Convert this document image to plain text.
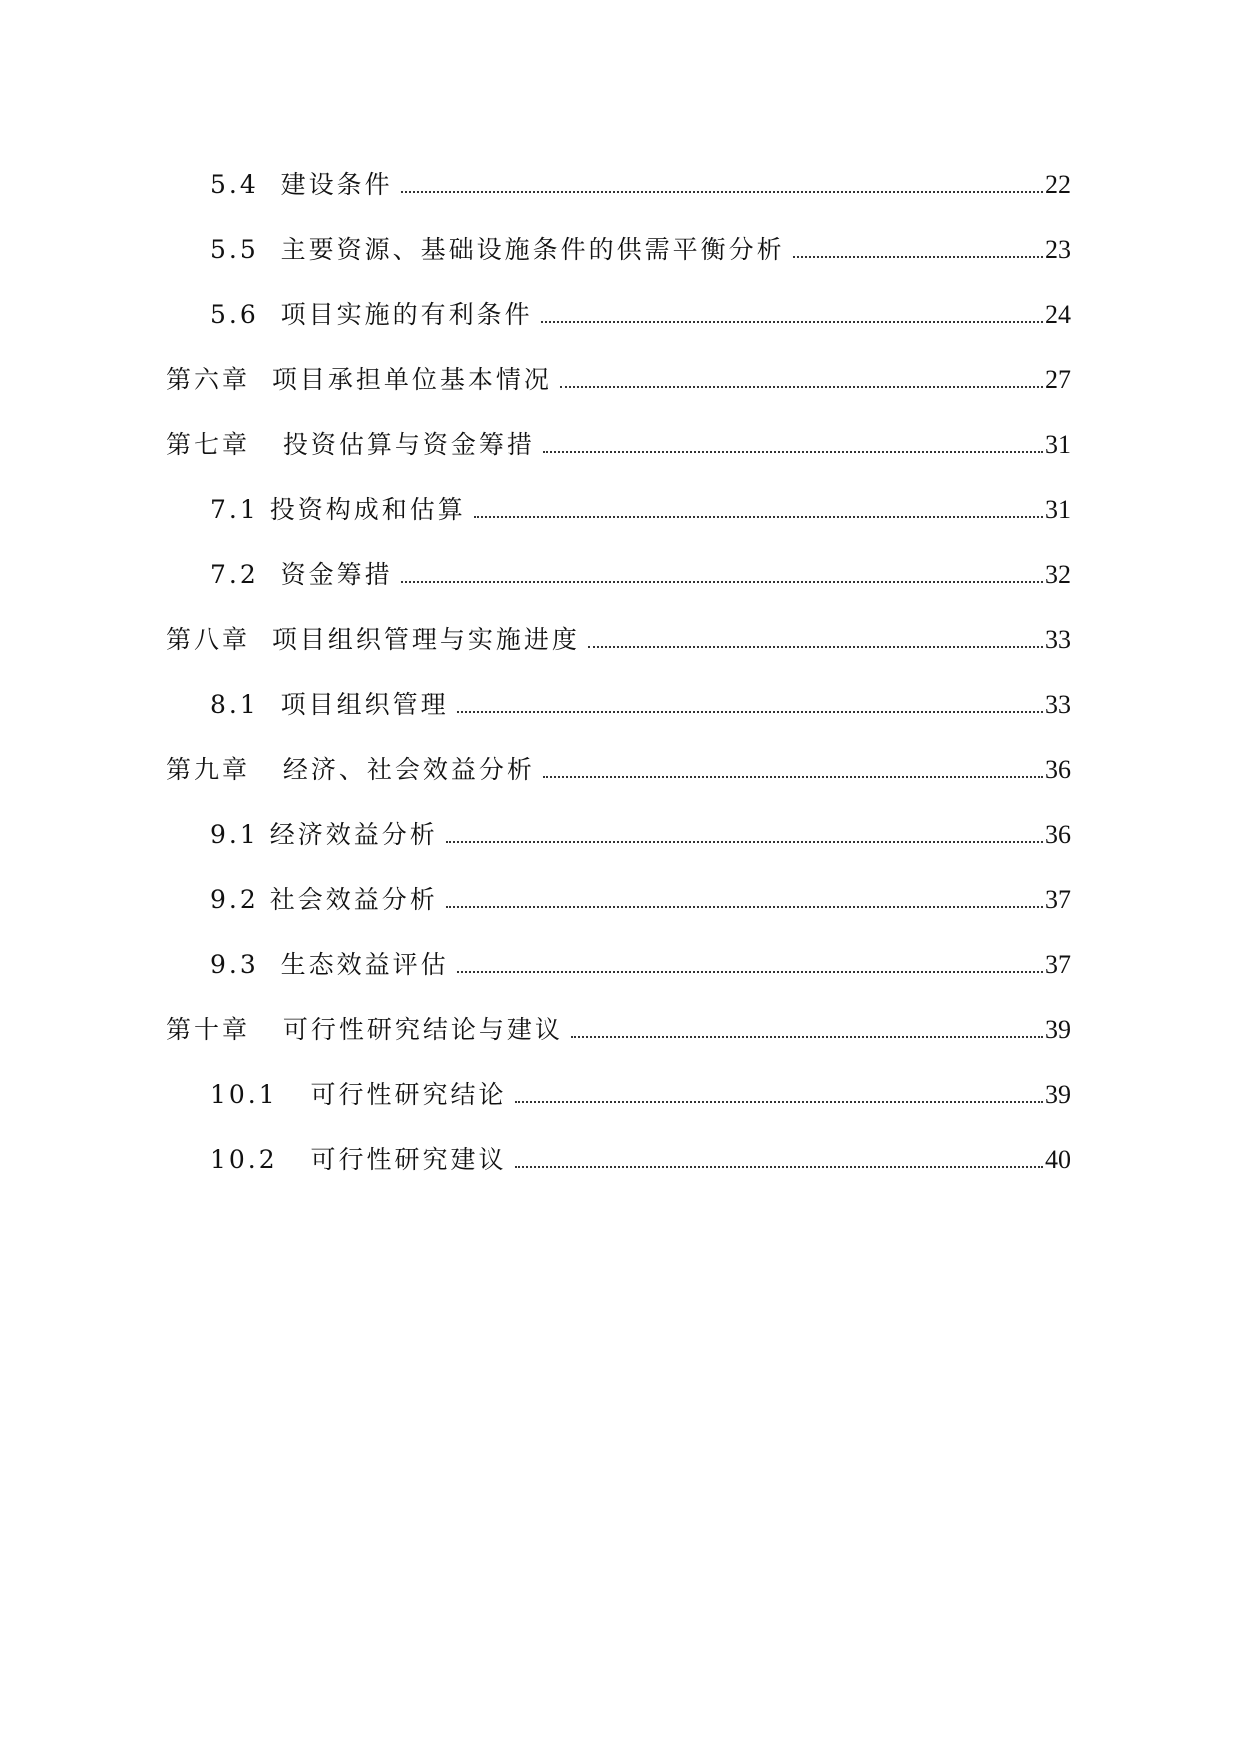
5.4  建设条件	22
5.5  主要资源、基础设施条件的供需平衡分析	23
5.6  项目实施的有利条件	24
第六章  项目承担单位基本情况	27
第七章   投资估算与资金筹措	31
7.1 投资构成和估算	31
7.2  资金筹措	32
第八章  项目组织管理与实施进度	33
8.1  项目组织管理	33
第九章   经济、社会效益分析	36
9.1 经济效益分析	36
9.2 社会效益分析	37
9.3  生态效益评估	37
第十章   可行性研究结论与建议	39
10.1   可行性研究结论	39
10.2   可行性研究建议	40
